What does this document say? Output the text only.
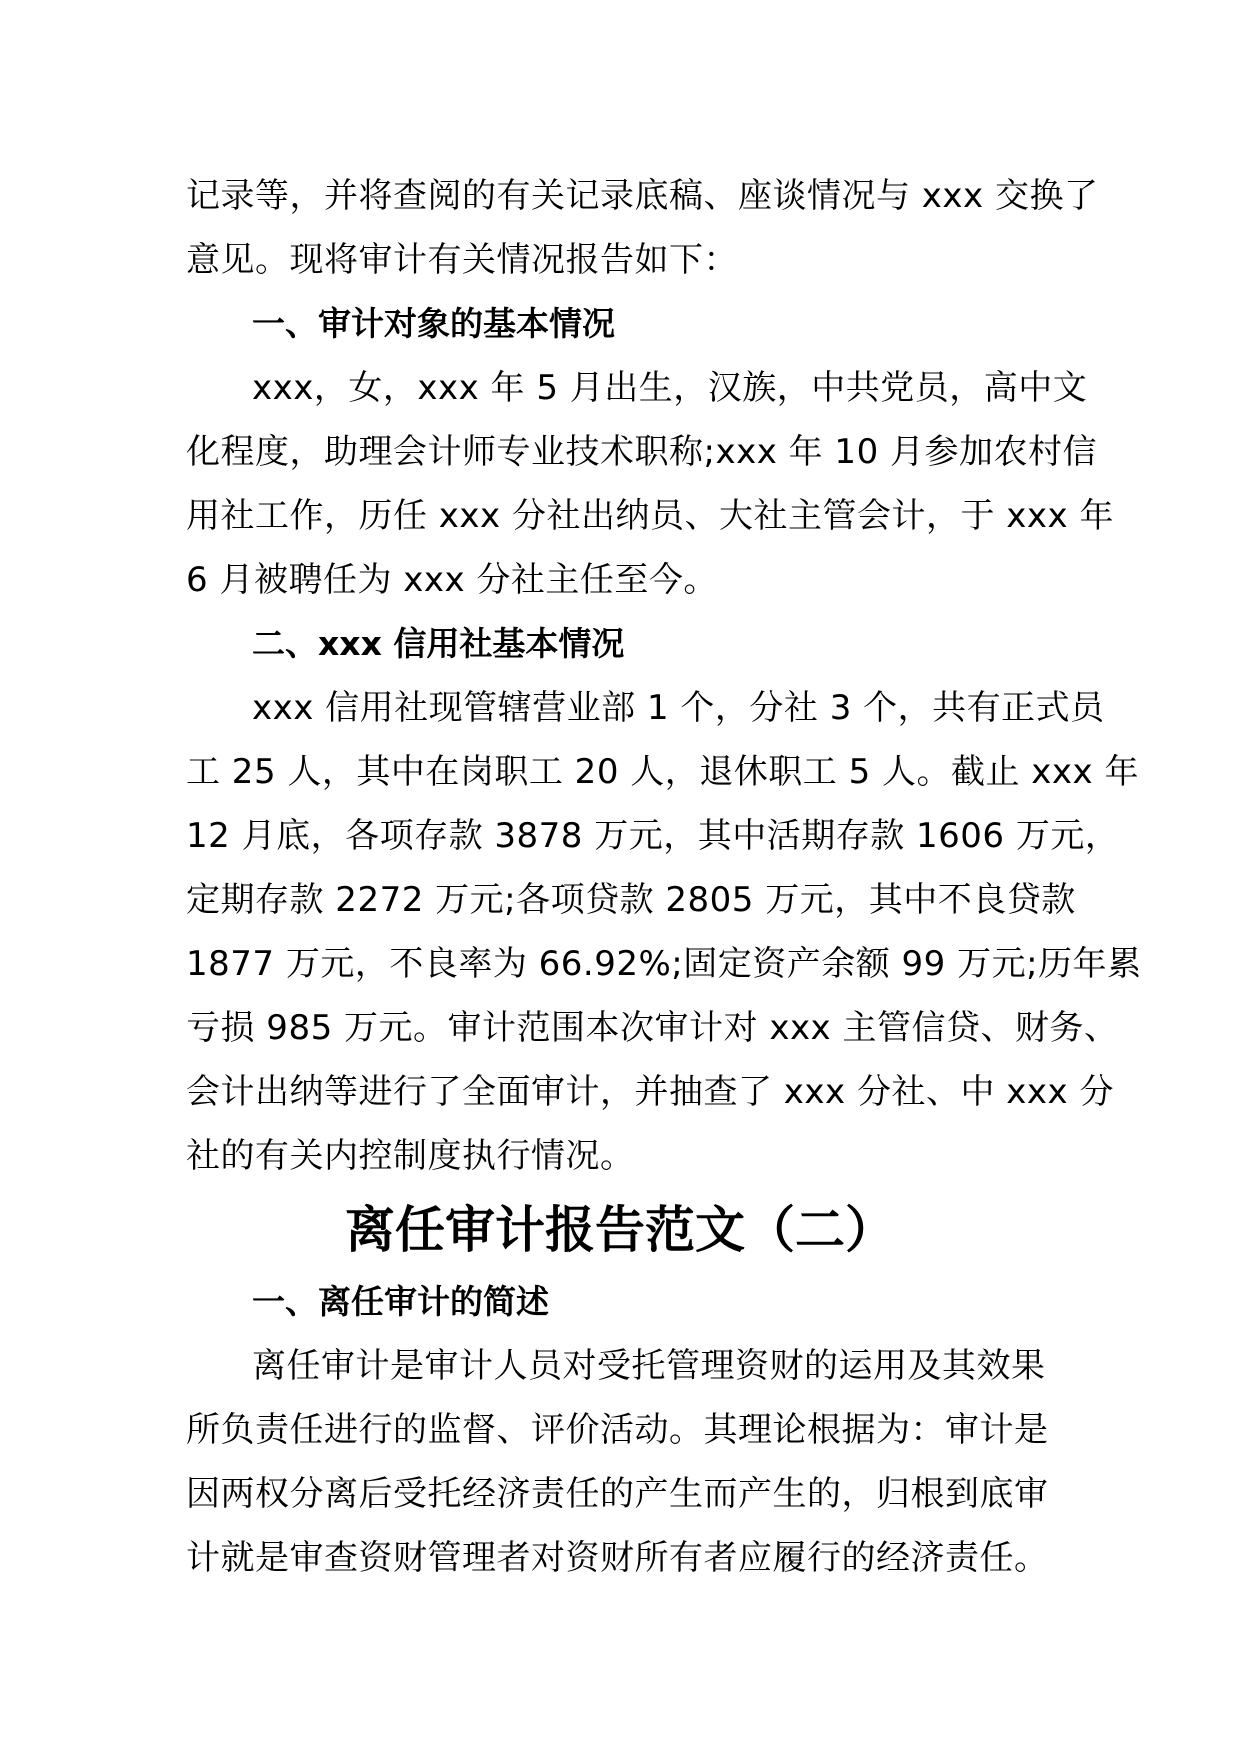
记录等，并将查阅的有关记录底稿、座谈情况与 xxx 交换了
意见。现将审计有关情况报告如下：
一、审计对象的基本情况
xxx，女，xxx 年 5 月出生，汉族，中共党员，高中文
化程度，助理会计师专业技术职称;xxx 年 10 月参加农村信
用社工作，历任 xxx 分社出纳员、大社主管会计，于 xxx 年
6 月被聘任为 xxx 分社主任至今。
二、xxx 信用社基本情况
xxx 信用社现管辖营业部 1 个，分社 3 个，共有正式员
工 25 人，其中在岗职工 20 人，退休职工 5 人。截止 xxx 年
12 月底，各项存款 3878 万元，其中活期存款 1606 万元，
定期存款 2272 万元;各项贷款 2805 万元，其中不良贷款
1877 万元，不良率为 66.92%;固定资产余额 99 万元;历年累
亏损 985 万元。审计范围本次审计对 xxx 主管信贷、财务、
会计出纳等进行了全面审计，并抽查了 xxx 分社、中 xxx 分
社的有关内控制度执行情况。
离任审计报告范文（二）
一、离任审计的简述
离任审计是审计人员对受托管理资财的运用及其效果
所负责任进行的监督、评价活动。其理论根据为：审计是
因两权分离后受托经济责任的产生而产生的，归根到底审
计就是审查资财管理者对资财所有者应履行的经济责任。
